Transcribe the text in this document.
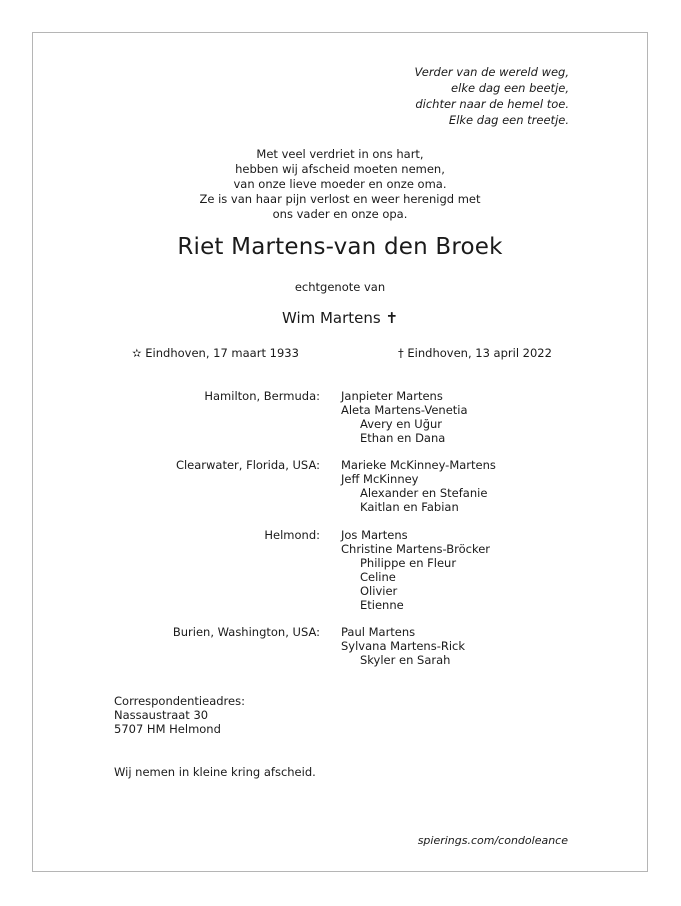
Verder van de wereld weg,
elke dag een beetje,
dichter naar de hemel toe.
Elke dag een treetje.
Met veel verdriet in ons hart,
hebben wij afscheid moeten nemen,
van onze lieve moeder en onze oma.
Ze is van haar pijn verlost en weer herenigd met
ons vader en onze opa.
Riet Martens-van den Broek
echtgenote van
Wim Martens ✝
✫ Eindhoven, 17 maart 1933	† Eindhoven, 13 april 2022
Hamilton, Bermuda: Janpieter Martens
Aleta Martens-Venetia
Avery en Uğur
Ethan en Dana
Clearwater, Florida, USA: Marieke McKinney-Martens
Jeff McKinney
Alexander en Stefanie
Kaitlan en Fabian
Helmond: Jos Martens
Christine Martens-Bröcker
Philippe en Fleur
Celine
Olivier
Etienne
Burien, Washington, USA: Paul Martens
Sylvana Martens-Rick
Skyler en Sarah
Correspondentieadres:
Nassaustraat 30
5707 HM Helmond
Wij nemen in kleine kring afscheid.
spierings.com/condoleance
